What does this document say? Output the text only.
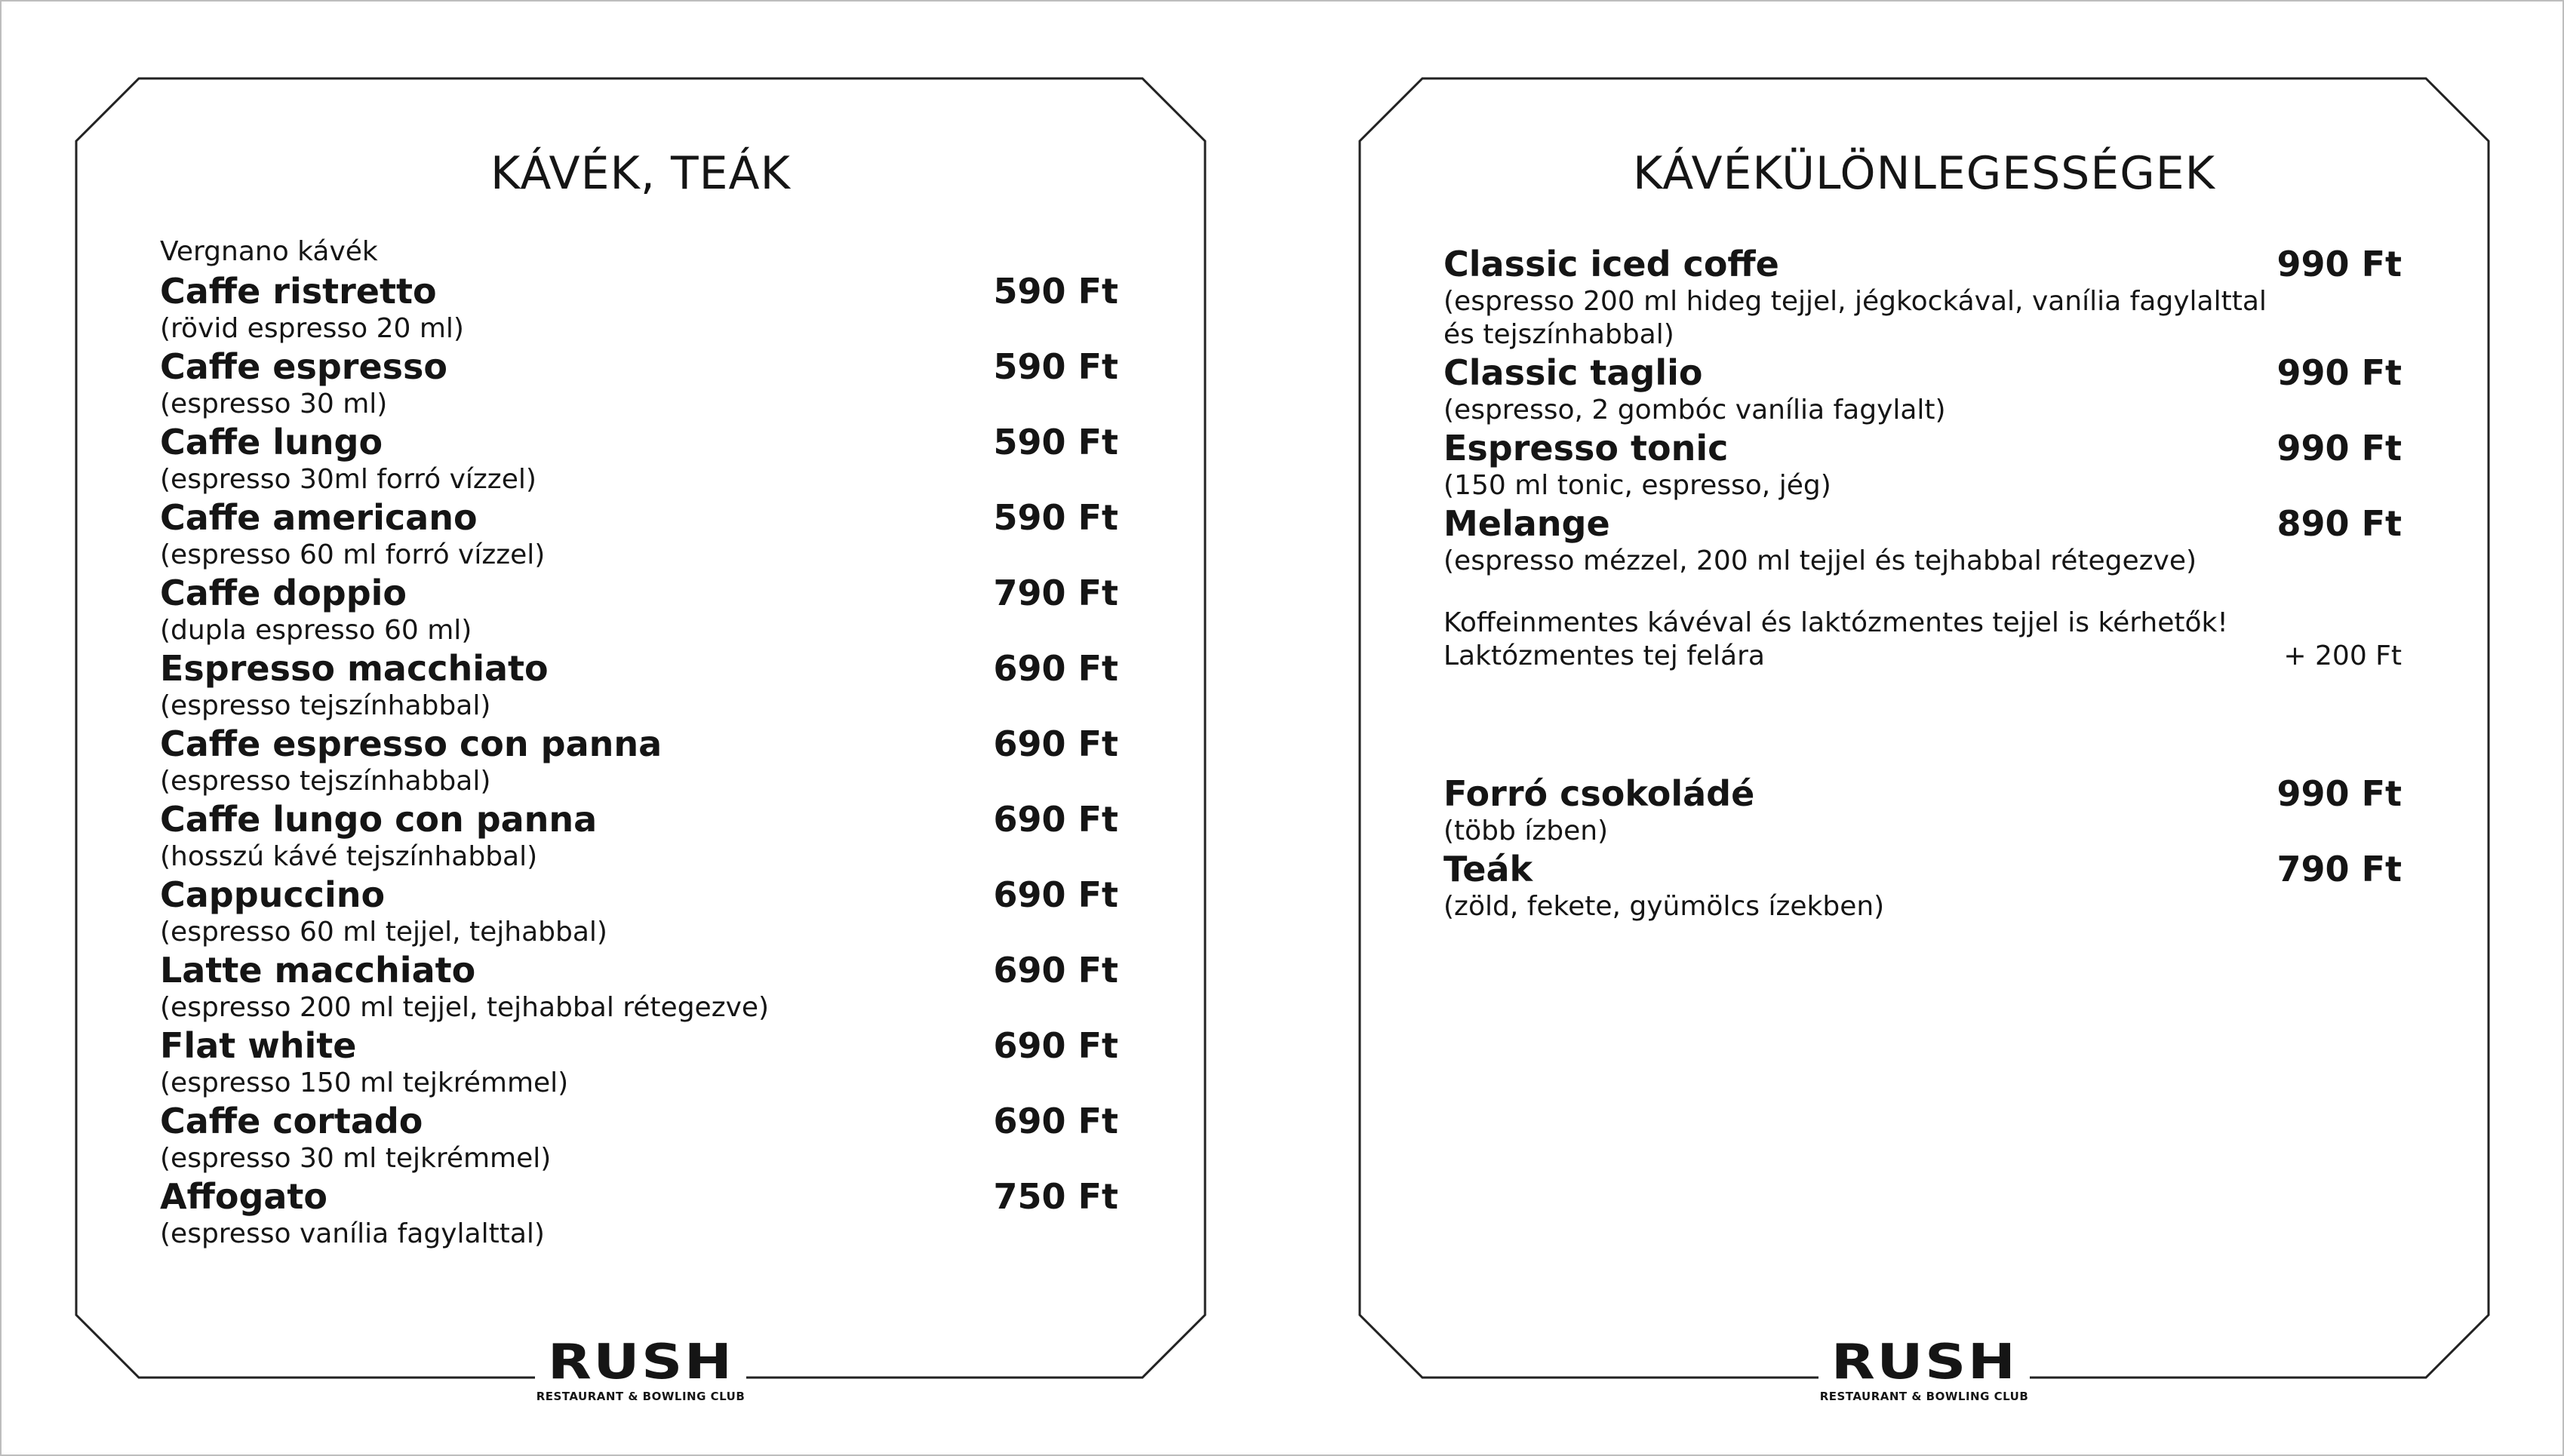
KÁVÉK, TEÁK
Vergnano kávék
Caffe ristretto	590 Ft
(rövid espresso 20 ml)
Caffe espresso	590 Ft
(espresso 30 ml)
Caffe lungo	590 Ft
(espresso 30ml forró vízzel)
Caffe americano	590 Ft
(espresso 60 ml forró vízzel)
Caffe doppio	790 Ft
(dupla espresso 60 ml)
Espresso macchiato	690 Ft
(espresso tejszínhabbal)
Caffe espresso con panna	690 Ft
(espresso tejszínhabbal)
Caffe lungo con panna	690 Ft
(hosszú kávé tejszínhabbal)
Cappuccino	690 Ft
(espresso 60 ml tejjel, tejhabbal)
Latte macchiato	690 Ft
(espresso 200 ml tejjel, tejhabbal rétegezve)
Flat white	690 Ft
(espresso 150 ml tejkrémmel)
Caffe cortado	690 Ft
(espresso 30 ml tejkrémmel)
Affogato	750 Ft
(espresso vanília fagylalttal)
RUSH
RESTAURANT & BOWLING CLUB
KÁVÉKÜLÖNLEGESSÉGEK
Classic iced coffe	990 Ft
(espresso 200 ml hideg tejjel, jégkockával, vanília fagylalttal és tejszínhabbal)
Classic taglio	990 Ft
(espresso, 2 gombóc vanília fagylalt)
Espresso tonic	990 Ft
(150 ml tonic, espresso, jég)
Melange	890 Ft
(espresso mézzel, 200 ml tejjel és tejhabbal rétegezve)
Koffeinmentes kávéval és laktózmentes tejjel is kérhetők!
Laktózmentes tej felára	+ 200 Ft
Forró csokoládé	990 Ft
(több ízben)
Teák	790 Ft
(zöld, fekete, gyümölcs ízekben)
RUSH
RESTAURANT & BOWLING CLUB
